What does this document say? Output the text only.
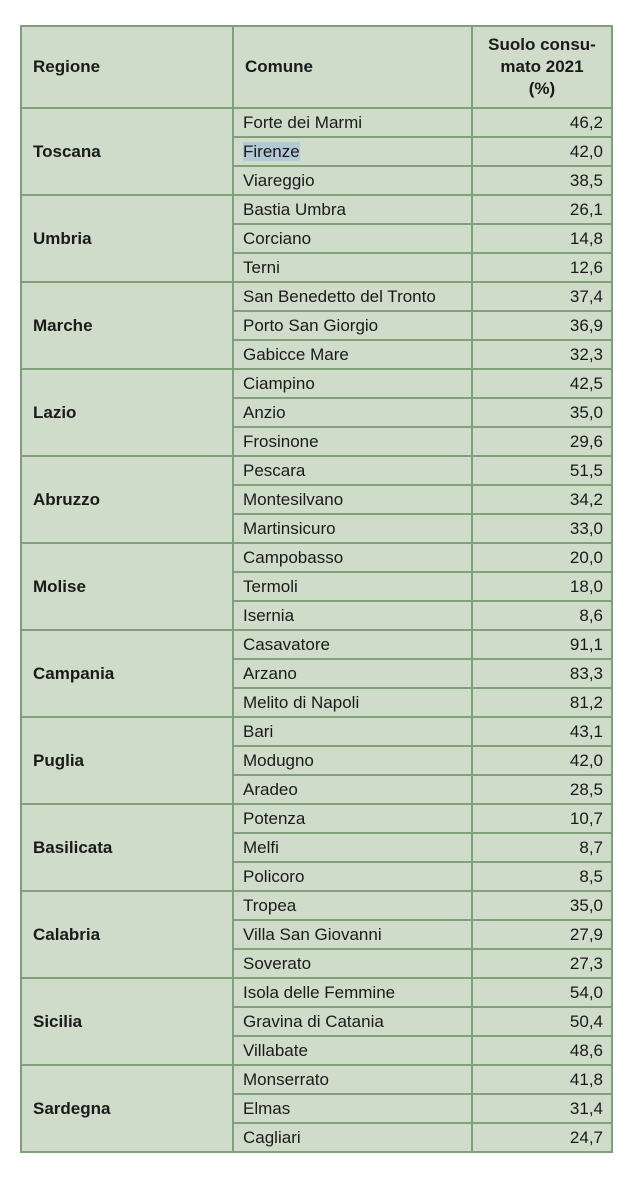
Regione	Comune	Suolo consu-
mato 2021
(%)
Toscana	Forte dei Marmi	46,2
	Firenze	42,0
	Viareggio	38,5
Umbria	Bastia Umbra	26,1
	Corciano	14,8
	Terni	12,6
Marche	San Benedetto del Tronto	37,4
	Porto San Giorgio	36,9
	Gabicce Mare	32,3
Lazio	Ciampino	42,5
	Anzio	35,0
	Frosinone	29,6
Abruzzo	Pescara	51,5
	Montesilvano	34,2
	Martinsicuro	33,0
Molise	Campobasso	20,0
	Termoli	18,0
	Isernia	8,6
Campania	Casavatore	91,1
	Arzano	83,3
	Melito di Napoli	81,2
Puglia	Bari	43,1
	Modugno	42,0
	Aradeo	28,5
Basilicata	Potenza	10,7
	Melfi	8,7
	Policoro	8,5
Calabria	Tropea	35,0
	Villa San Giovanni	27,9
	Soverato	27,3
Sicilia	Isola delle Femmine	54,0
	Gravina di Catania	50,4
	Villabate	48,6
Sardegna	Monserrato	41,8
	Elmas	31,4
	Cagliari	24,7
